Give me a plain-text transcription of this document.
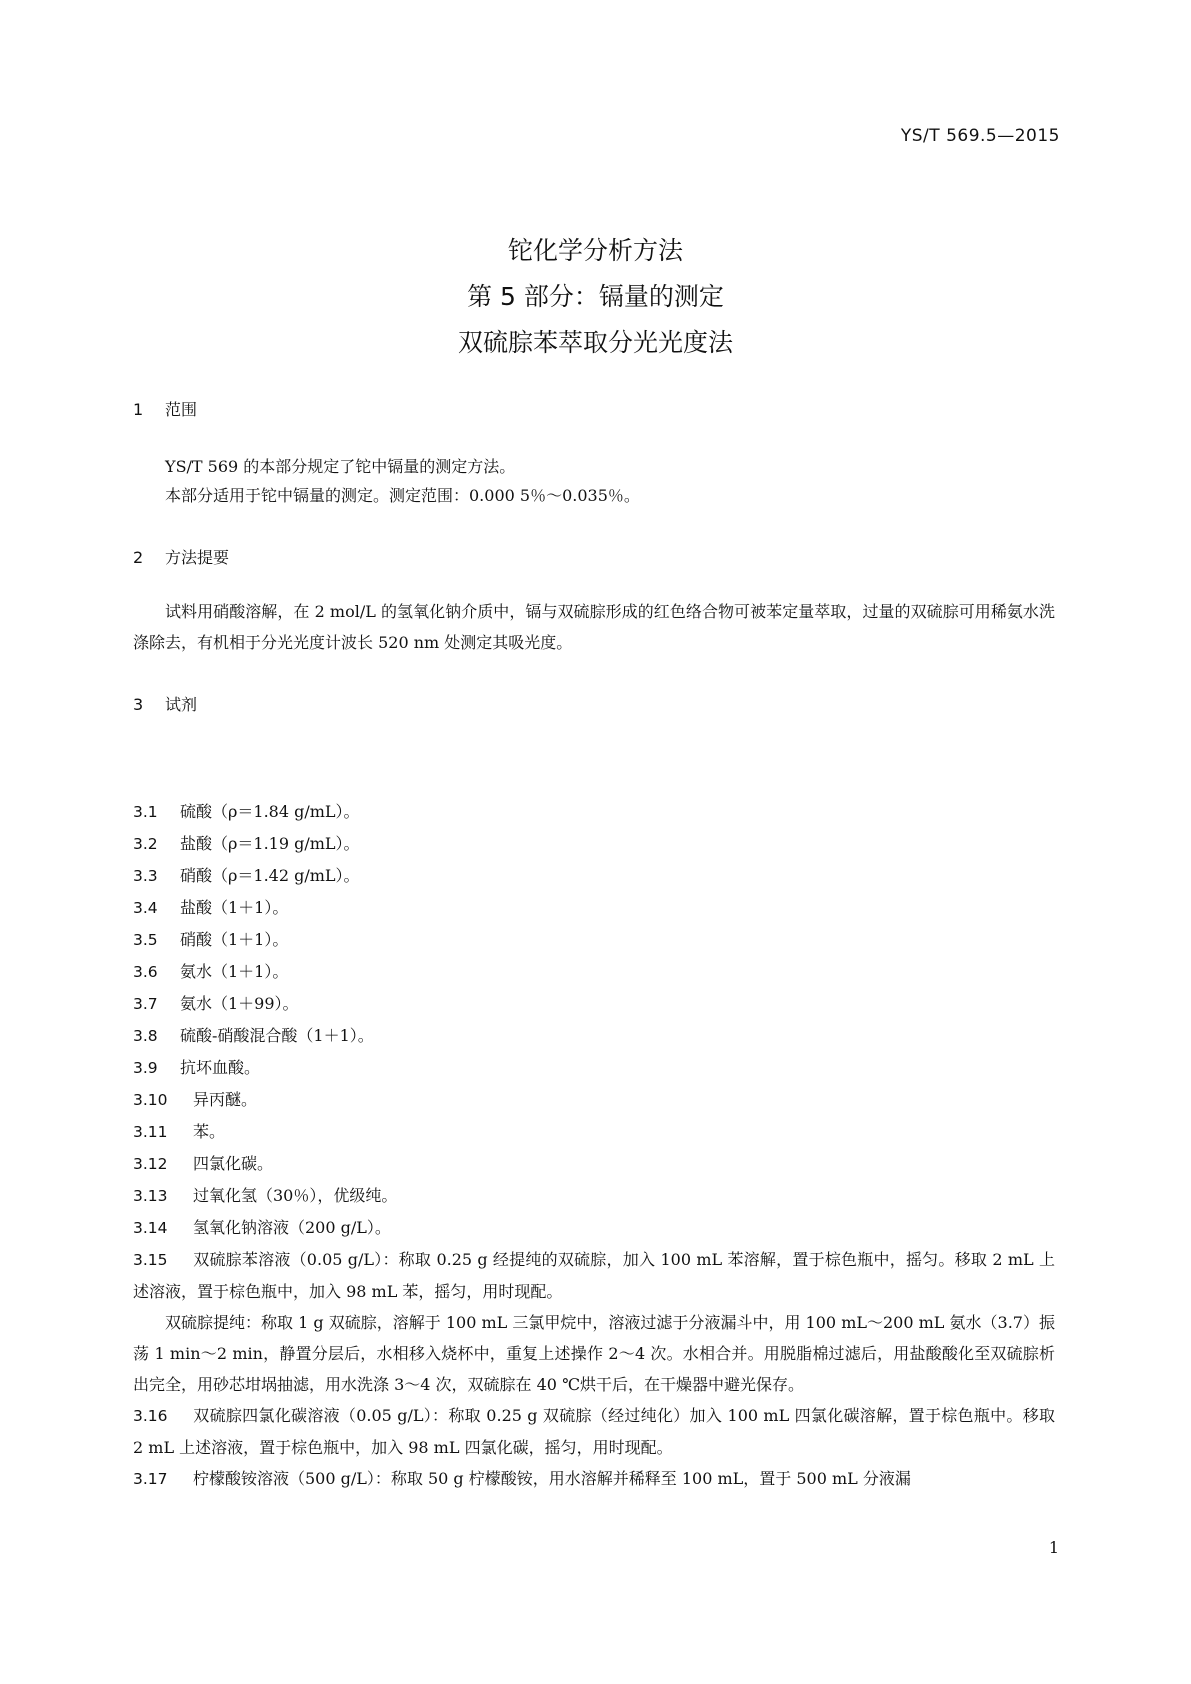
YS/T 569.5—2015
铊化学分析方法
第 5 部分：镉量的测定
双硫腙苯萃取分光光度法
1 范围

YS/T 569 的本部分规定了铊中镉量的测定方法。

本部分适用于铊中镉量的测定。测定范围：0.000 5％～0.035％。

2 方法提要

试料用硝酸溶解，在 2 mol/L 的氢氧化钠介质中，镉与双硫腙形成的红色络合物可被苯定量萃取，过量的双硫腙可用稀氨水洗涤除去，有机相于分光光度计波长 520 nm 处测定其吸光度。

3 试剂
3.1 硫酸（ρ＝1.84 g/mL）。
3.2 盐酸（ρ＝1.19 g/mL）。
3.3 硝酸（ρ＝1.42 g/mL）。
3.4 盐酸（1＋1）。
3.5 硝酸（1＋1）。
3.6 氨水（1＋1）。
3.7 氨水（1＋99）。
3.8 硫酸-硝酸混合酸（1＋1）。
3.9 抗坏血酸。
3.10 异丙醚。
3.11 苯。
3.12 四氯化碳。
3.13 过氧化氢（30％），优级纯。
3.14 氢氧化钠溶液（200 g/L）。
3.15 双硫腙苯溶液（0.05 g/L）：称取 0.25 g 经提纯的双硫腙，加入 100 mL 苯溶解，置于棕色瓶中，摇匀。移取 2 mL 上述溶液，置于棕色瓶中，加入 98 mL 苯，摇匀，用时现配。
双硫腙提纯：称取 1 g 双硫腙，溶解于 100 mL 三氯甲烷中，溶液过滤于分液漏斗中，用 100 mL～200 mL 氨水（3.7）振荡 1 min～2 min，静置分层后，水相移入烧杯中，重复上述操作 2～4 次。水相合并。用脱脂棉过滤后，用盐酸酸化至双硫腙析出完全，用砂芯坩埚抽滤，用水洗涤 3～4 次，双硫腙在 40 ℃烘干后，在干燥器中避光保存。
3.16 双硫腙四氯化碳溶液（0.05 g/L）：称取 0.25 g 双硫腙（经过纯化）加入 100 mL 四氯化碳溶解，置于棕色瓶中。移取 2 mL 上述溶液，置于棕色瓶中，加入 98 mL 四氯化碳，摇匀，用时现配。
3.17 柠檬酸铵溶液（500 g/L）：称取 50 g 柠檬酸铵，用水溶解并稀释至 100 mL，置于 500 mL 分液漏
1
